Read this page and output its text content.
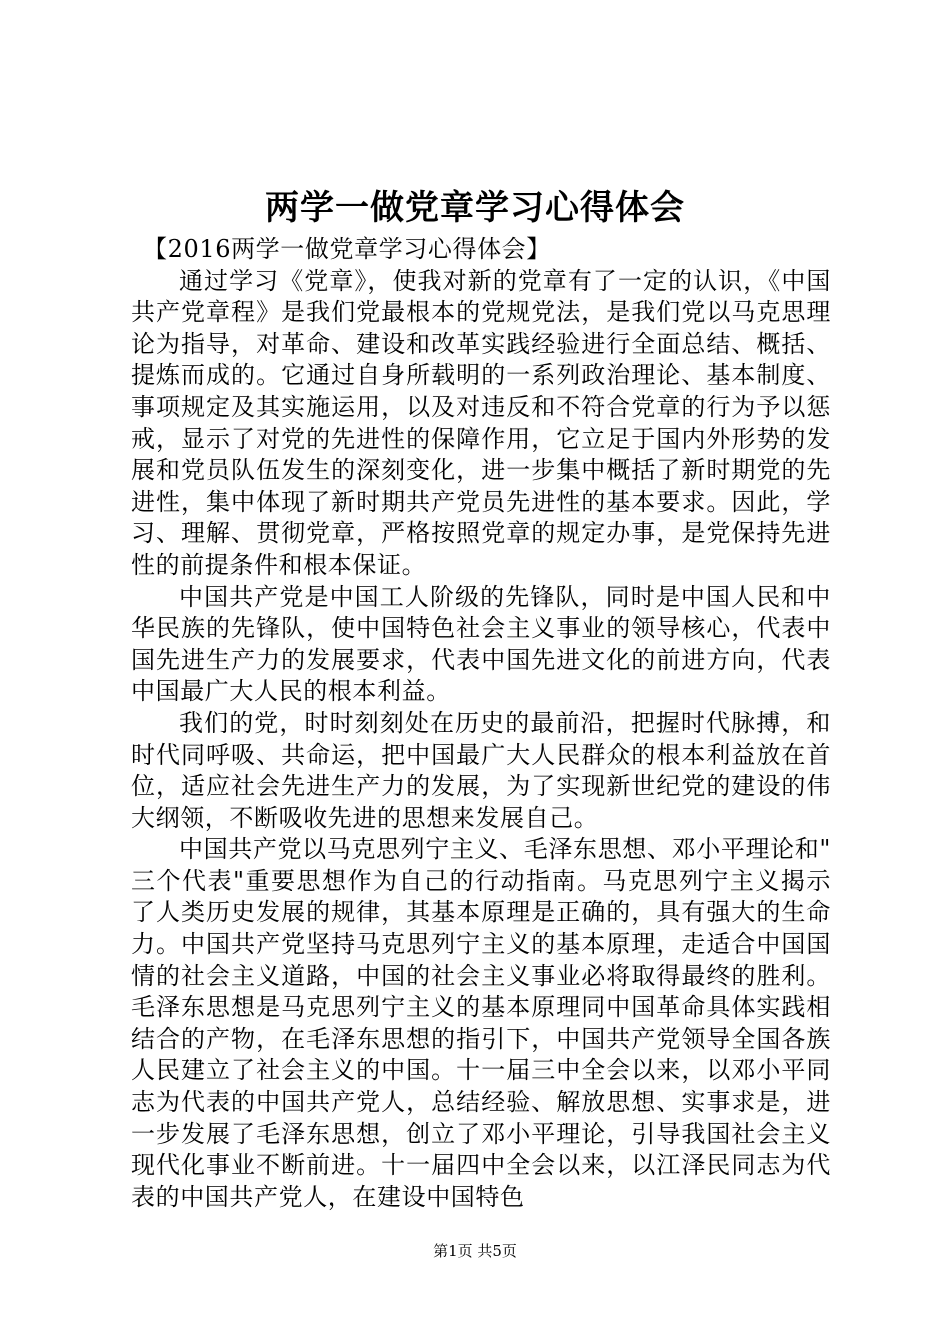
两学一做党章学习心得体会

【2016两学一做党章学习心得体会】

通过学习《党章》，使我对新的党章有了一定的认识，《中国共产党章程》是我们党最根本的党规党法，是我们党以马克思理论为指导，对革命、建设和改革实践经验进行全面总结、概括、提炼而成的。它通过自身所载明的一系列政治理论、基本制度、事项规定及其实施运用，以及对违反和不符合党章的行为予以惩戒，显示了对党的先进性的保障作用，它立足于国内外形势的发展和党员队伍发生的深刻变化，进一步集中概括了新时期党的先进性，集中体现了新时期共产党员先进性的基本要求。因此，学习、理解、贯彻党章，严格按照党章的规定办事，是党保持先进性的前提条件和根本保证。

中国共产党是中国工人阶级的先锋队，同时是中国人民和中华民族的先锋队，使中国特色社会主义事业的领导核心，代表中国先进生产力的发展要求，代表中国先进文化的前进方向，代表中国最广大人民的根本利益。

我们的党，时时刻刻处在历史的最前沿，把握时代脉搏，和时代同呼吸、共命运，把中国最广大人民群众的根本利益放在首位，适应社会先进生产力的发展，为了实现新世纪党的建设的伟大纲领，不断吸收先进的思想来发展自己。

中国共产党以马克思列宁主义、毛泽东思想、邓小平理论和"三个代表"重要思想作为自己的行动指南。马克思列宁主义揭示了人类历史发展的规律，其基本原理是正确的，具有强大的生命力。中国共产党坚持马克思列宁主义的基本原理，走适合中国国情的社会主义道路，中国的社会主义事业必将取得最终的胜利。毛泽东思想是马克思列宁主义的基本原理同中国革命具体实践相结合的产物，在毛泽东思想的指引下，中国共产党领导全国各族人民建立了社会主义的中国。十一届三中全会以来，以邓小平同志为代表的中国共产党人，总结经验、解放思想、实事求是，进一步发展了毛泽东思想，创立了邓小平理论，引导我国社会主义现代化事业不断前进。十一届四中全会以来，以江泽民同志为代表的中国共产党人，在建设中国特色

第1页 共5页
